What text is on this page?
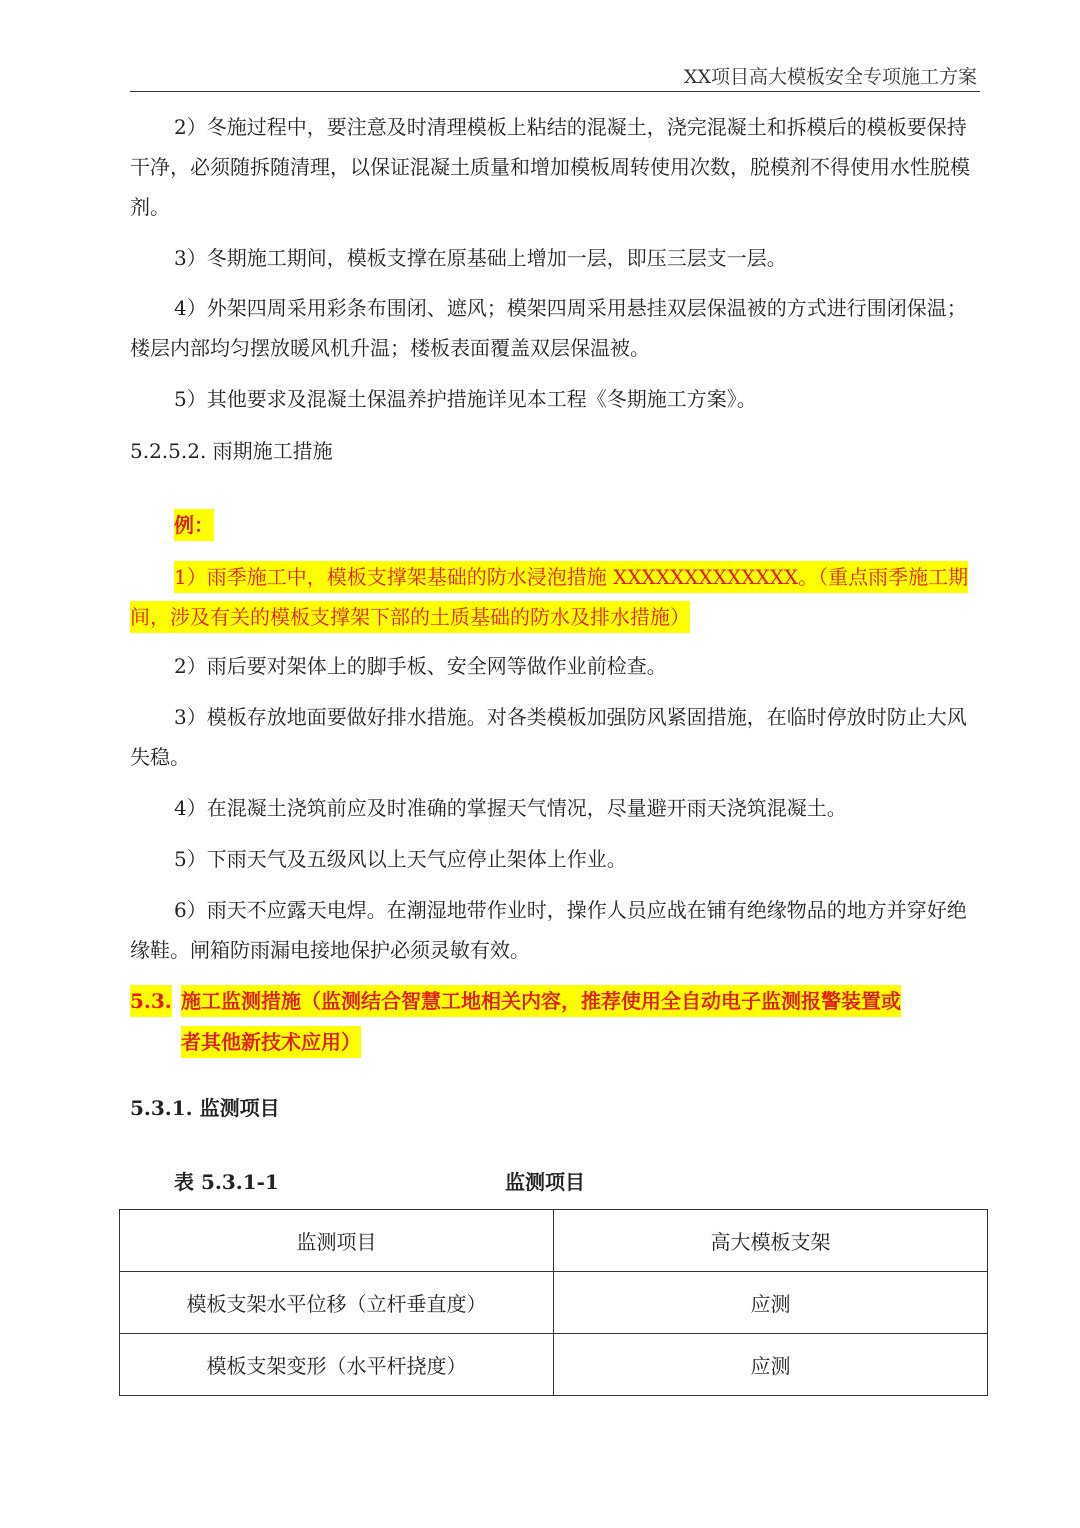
XX项目高大模板安全专项施工方案
2）冬施过程中，要注意及时清理模板上粘结的混凝土，浇完混凝土和拆模后的模板要保持干净，必须随拆随清理，以保证混凝土质量和增加模板周转使用次数，脱模剂不得使用水性脱模剂。
3）冬期施工期间，模板支撑在原基础上增加一层，即压三层支一层。
4）外架四周采用彩条布围闭、遮风；模架四周采用悬挂双层保温被的方式进行围闭保温；楼层内部均匀摆放暖风机升温；楼板表面覆盖双层保温被。
5）其他要求及混凝土保温养护措施详见本工程《冬期施工方案》。
5.2.5.2. 雨期施工措施
例：
1）雨季施工中，模板支撑架基础的防水浸泡措施 XXXXXXXXXXXXX。（重点雨季施工期间，涉及有关的模板支撑架下部的土质基础的防水及排水措施）
2）雨后要对架体上的脚手板、安全网等做作业前检查。
3）模板存放地面要做好排水措施。对各类模板加强防风紧固措施，在临时停放时防止大风失稳。
4）在混凝土浇筑前应及时准确的掌握天气情况，尽量避开雨天浇筑混凝土。
5）下雨天气及五级风以上天气应停止架体上作业。
6）雨天不应露天电焊。在潮湿地带作业时，操作人员应战在铺有绝缘物品的地方并穿好绝缘鞋。闸箱防雨漏电接地保护必须灵敏有效。
5.3. 施工监测措施（监测结合智慧工地相关内容，推荐使用全自动电子监测报警装置或
者其他新技术应用）
5.3.1. 监测项目
表 5.3.1-1	监测项目
监测项目	高大模板支架
模板支架水平位移（立杆垂直度）	应测
模板支架变形（水平杆挠度）	应测
